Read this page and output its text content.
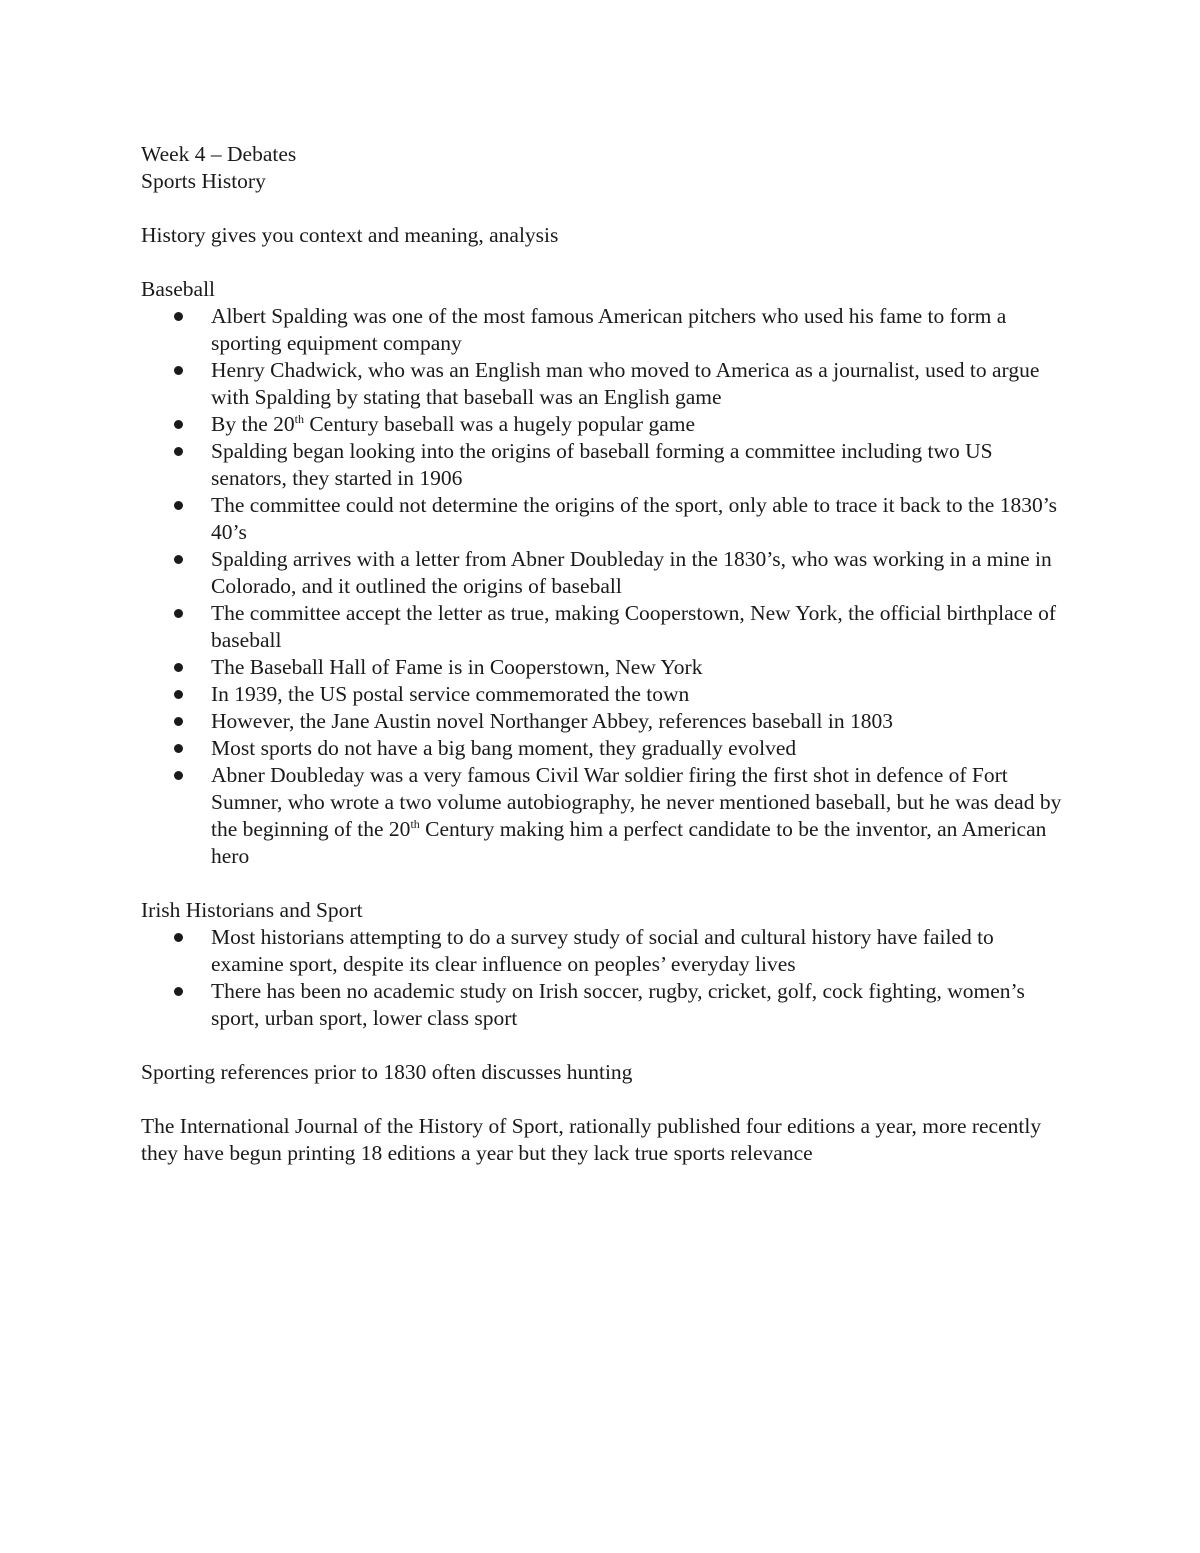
Week 4 – Debates

Sports History

History gives you context and meaning, analysis

Baseball

Albert Spalding was one of the most famous American pitchers who used his fame to form a sporting equipment company
Henry Chadwick, who was an English man who moved to America as a journalist, used to argue with Spalding by stating that baseball was an English game
By the 20th Century baseball was a hugely popular game
Spalding began looking into the origins of baseball forming a committee including two US senators, they started in 1906
The committee could not determine the origins of the sport, only able to trace it back to the 1830’s 40’s
Spalding arrives with a letter from Abner Doubleday in the 1830’s, who was working in a mine in Colorado, and it outlined the origins of baseball
The committee accept the letter as true, making Cooperstown, New York, the official birthplace of baseball
The Baseball Hall of Fame is in Cooperstown, New York
In 1939, the US postal service commemorated the town
However, the Jane Austin novel Northanger Abbey, references baseball in 1803
Most sports do not have a big bang moment, they gradually evolved
Abner Doubleday was a very famous Civil War soldier firing the first shot in defence of Fort Sumner, who wrote a two volume autobiography, he never mentioned baseball, but he was dead by the beginning of the 20th Century making him a perfect candidate to be the inventor, an American hero

Irish Historians and Sport

Most historians attempting to do a survey study of social and cultural history have failed to examine sport, despite its clear influence on peoples’ everyday lives
There has been no academic study on Irish soccer, rugby, cricket, golf, cock fighting, women’s sport, urban sport, lower class sport

Sporting references prior to 1830 often discusses hunting

The International Journal of the History of Sport, rationally published four editions a year, more recently they have begun printing 18 editions a year but they lack true sports relevance
